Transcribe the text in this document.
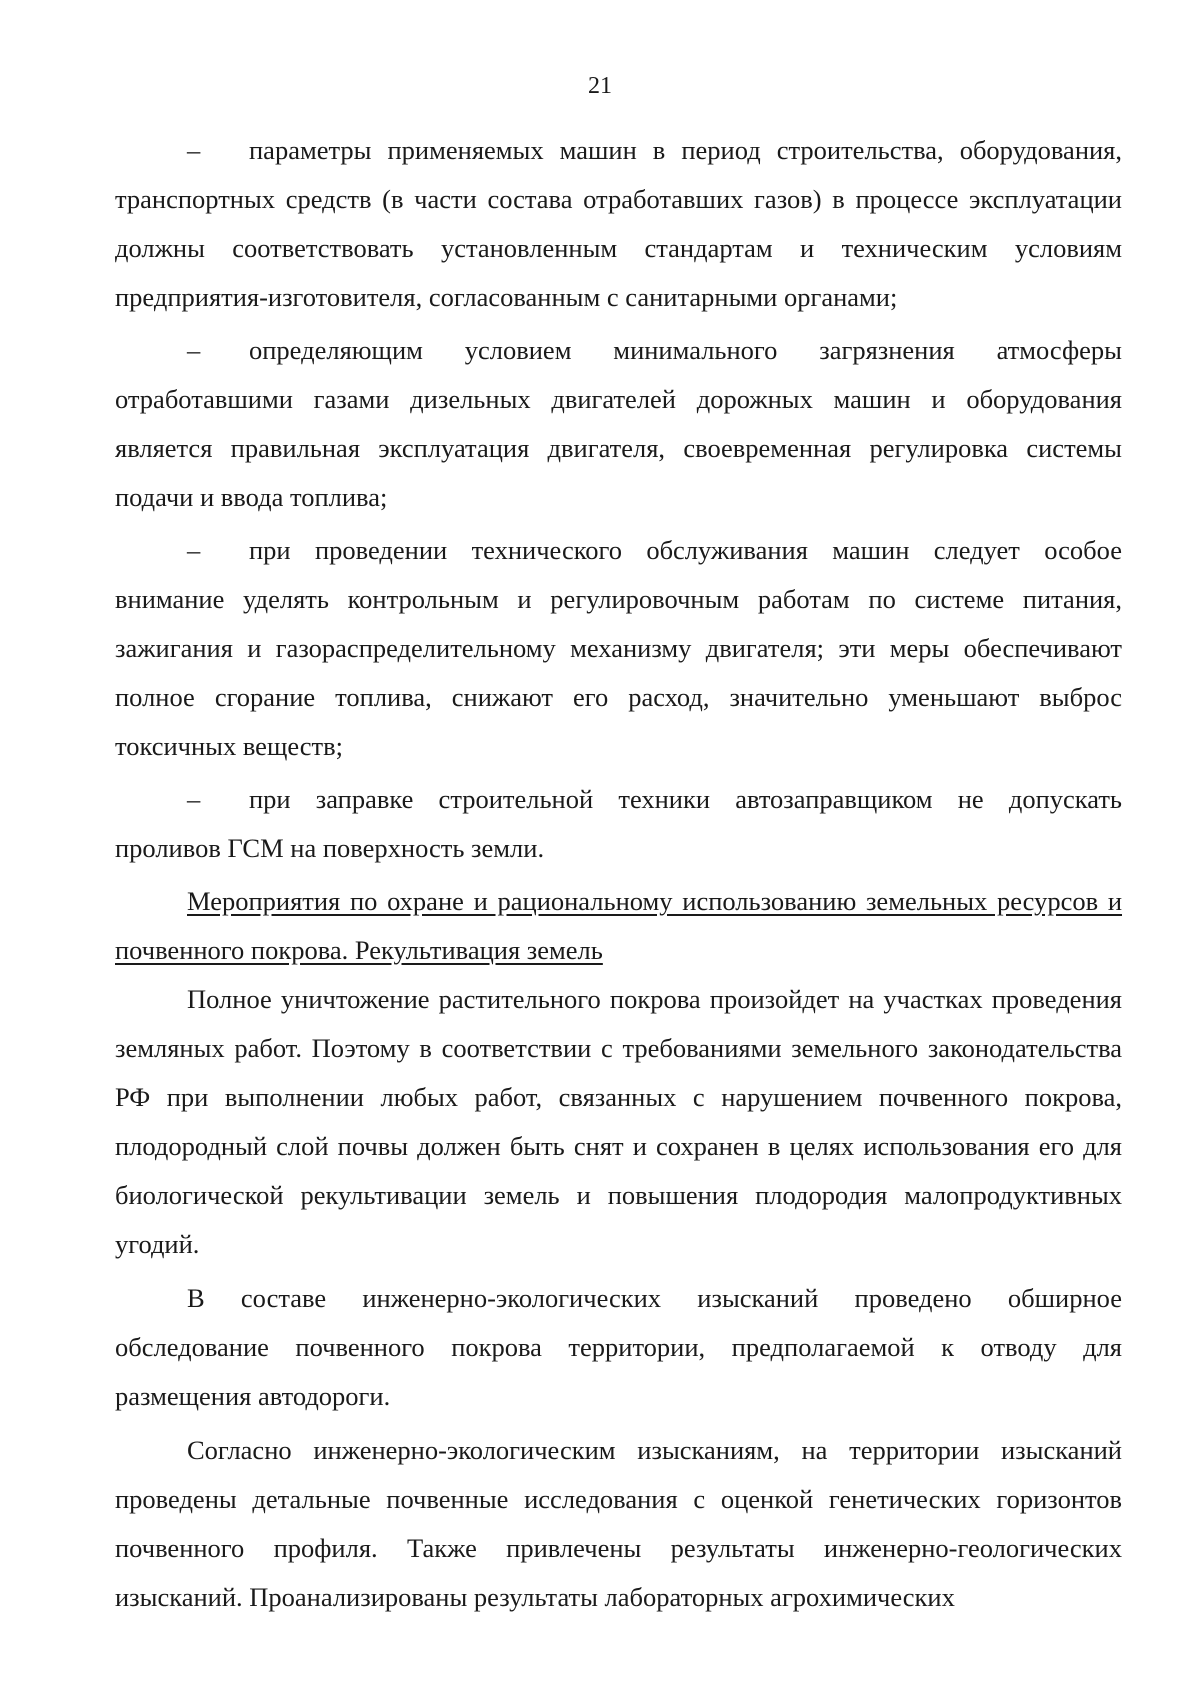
21

– параметры применяемых машин в период строительства, оборудования, транспортных средств (в части состава отработавших газов) в процессе эксплуатации должны соответствовать установленным стандартам и техническим условиям предприятия-изготовителя, согласованным с санитарными органами;

– определяющим условием минимального загрязнения атмосферы отработавшими газами дизельных двигателей дорожных машин и оборудования является правильная эксплуатация двигателя, своевременная регулировка системы подачи и ввода топлива;

– при проведении технического обслуживания машин следует особое внимание уделять контрольным и регулировочным работам по системе питания, зажигания и газораспределительному механизму двигателя; эти меры обеспечивают полное сгорание топлива, снижают его расход, значительно уменьшают выброс токсичных веществ;

– при заправке строительной техники автозаправщиком не допускать проливов ГСМ на поверхность земли.

Мероприятия по охране и рациональному использованию земельных ресурсов и почвенного покрова. Рекультивация земель

Полное уничтожение растительного покрова произойдет на участках проведения земляных работ. Поэтому в соответствии с требованиями земельного законодательства РФ при выполнении любых работ, связанных с нарушением почвенного покрова, плодородный слой почвы должен быть снят и сохранен в целях использования его для биологической рекультивации земель и повышения плодородия малопродуктивных угодий.

В составе инженерно-экологических изысканий проведено обширное обследование почвенного покрова территории, предполагаемой к отводу для размещения автодороги.

Согласно инженерно-экологическим изысканиям, на территории изысканий проведены детальные почвенные исследования с оценкой генетических горизонтов почвенного профиля. Также привлечены результаты инженерно-геологических изысканий. Проанализированы результаты лабораторных агрохимических
